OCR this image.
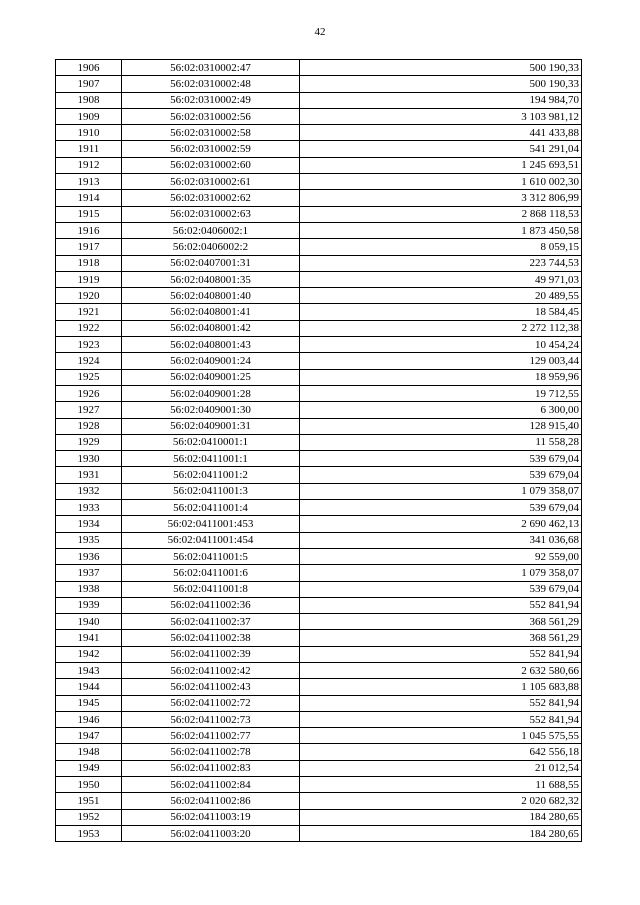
42
1906	56:02:0310002:47	500 190,33
1907	56:02:0310002:48	500 190,33
1908	56:02:0310002:49	194 984,70
1909	56:02:0310002:56	3 103 981,12
1910	56:02:0310002:58	441 433,88
1911	56:02:0310002:59	541 291,04
1912	56:02:0310002:60	1 245 693,51
1913	56:02:0310002:61	1 610 002,30
1914	56:02:0310002:62	3 312 806,99
1915	56:02:0310002:63	2 868 118,53
1916	56:02:0406002:1	1 873 450,58
1917	56:02:0406002:2	8 059,15
1918	56:02:0407001:31	223 744,53
1919	56:02:0408001:35	49 971,03
1920	56:02:0408001:40	20 489,55
1921	56:02:0408001:41	18 584,45
1922	56:02:0408001:42	2 272 112,38
1923	56:02:0408001:43	10 454,24
1924	56:02:0409001:24	129 003,44
1925	56:02:0409001:25	18 959,96
1926	56:02:0409001:28	19 712,55
1927	56:02:0409001:30	6 300,00
1928	56:02:0409001:31	128 915,40
1929	56:02:0410001:1	11 558,28
1930	56:02:0411001:1	539 679,04
1931	56:02:0411001:2	539 679,04
1932	56:02:0411001:3	1 079 358,07
1933	56:02:0411001:4	539 679,04
1934	56:02:0411001:453	2 690 462,13
1935	56:02:0411001:454	341 036,68
1936	56:02:0411001:5	92 559,00
1937	56:02:0411001:6	1 079 358,07
1938	56:02:0411001:8	539 679,04
1939	56:02:0411002:36	552 841,94
1940	56:02:0411002:37	368 561,29
1941	56:02:0411002:38	368 561,29
1942	56:02:0411002:39	552 841,94
1943	56:02:0411002:42	2 632 580,66
1944	56:02:0411002:43	1 105 683,88
1945	56:02:0411002:72	552 841,94
1946	56:02:0411002:73	552 841,94
1947	56:02:0411002:77	1 045 575,55
1948	56:02:0411002:78	642 556,18
1949	56:02:0411002:83	21 012,54
1950	56:02:0411002:84	11 688,55
1951	56:02:0411002:86	2 020 682,32
1952	56:02:0411003:19	184 280,65
1953	56:02:0411003:20	184 280,65
